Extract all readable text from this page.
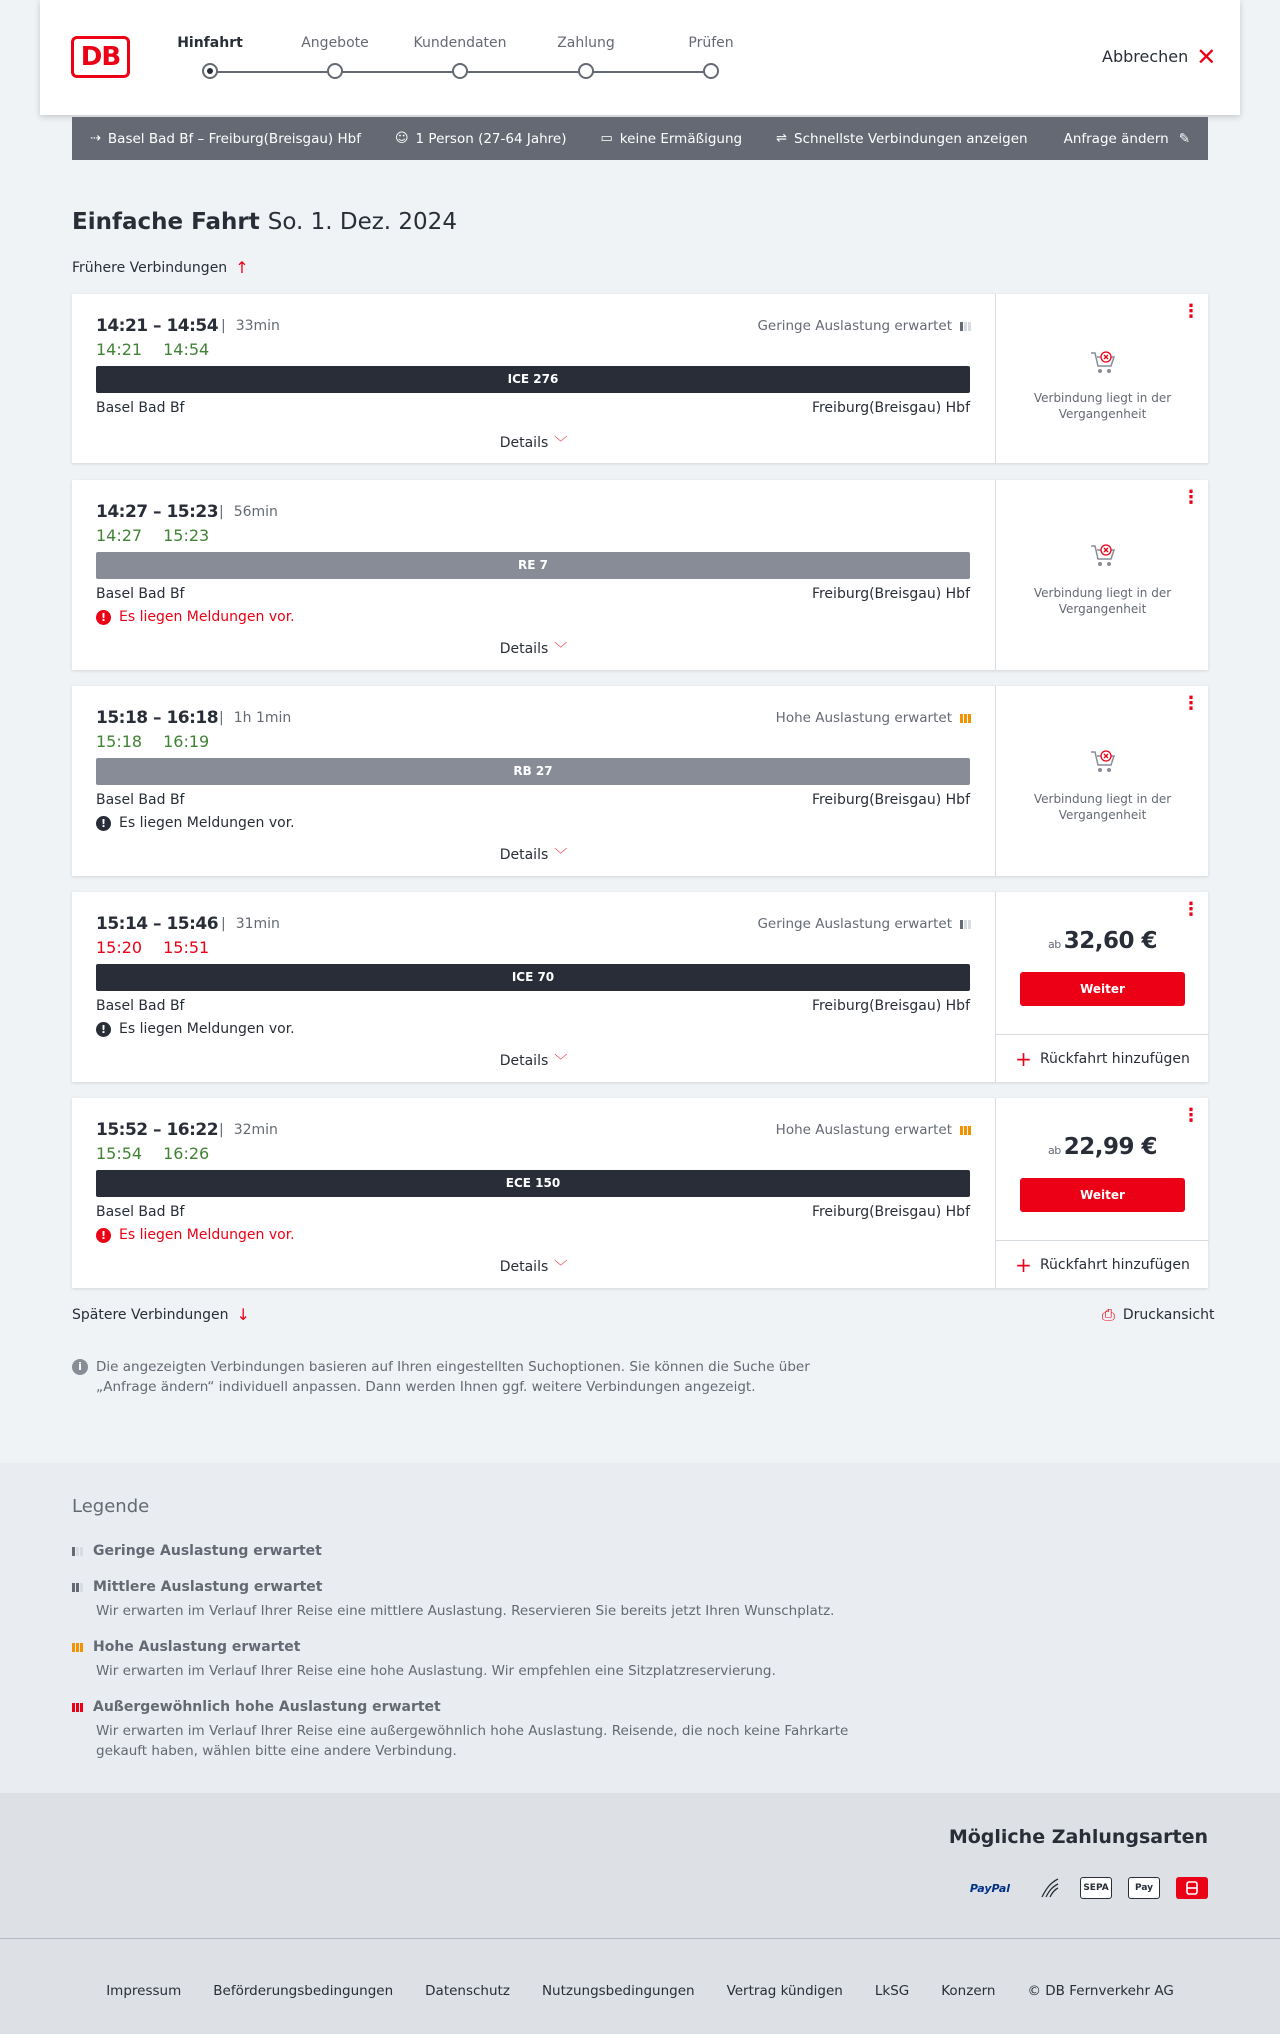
DB	Hinfahrt	Angebote	Kundendaten	Zahlung	Prüfen
Abbrechen ✕
⇢ Basel Bad Bf – Freiburg(Breisgau) Hbf	☺ 1 Person (27-64 Jahre)	▭ keine Ermäßigung	⇌ Schnellste Verbindungen anzeigen	Anfrage ändern ✎
Einfache Fahrt So. 1. Dez. 2024
Frühere Verbindungen ↑
14:21 – 14:54 | 33min
14:21 14:54
Geringe Auslastung erwartet
ICE 276
Basel Bad Bf	Freiburg(Breisgau) Hbf
Details ﹀
⋮
Verbindung liegt in der Vergangenheit
14:27 – 15:23 | 56min
14:27 15:23
RE 7
Basel Bad Bf	Freiburg(Breisgau) Hbf
! Es liegen Meldungen vor.
Details ﹀
⋮
Verbindung liegt in der Vergangenheit
15:18 – 16:18 | 1h 1min
15:18 16:19
Hohe Auslastung erwartet
RB 27
Basel Bad Bf	Freiburg(Breisgau) Hbf
! Es liegen Meldungen vor.
Details ﹀
⋮
Verbindung liegt in der Vergangenheit
15:14 – 15:46 | 31min
15:20 15:51
Geringe Auslastung erwartet
ICE 70
Basel Bad Bf	Freiburg(Breisgau) Hbf
! Es liegen Meldungen vor.
Details ﹀
⋮
ab 32,60 €
Weiter
+ Rückfahrt hinzufügen
15:52 – 16:22 | 32min
15:54 16:26
Hohe Auslastung erwartet
ECE 150
Basel Bad Bf	Freiburg(Breisgau) Hbf
! Es liegen Meldungen vor.
Details ﹀
⋮
ab 22,99 €
Weiter
+ Rückfahrt hinzufügen
Spätere Verbindungen ↓	⎙ Druckansicht
i	Die angezeigten Verbindungen basieren auf Ihren eingestellten Suchoptionen. Sie können die Suche über „Anfrage ändern“ individuell anpassen. Dann werden Ihnen ggf. weitere Verbindungen angezeigt.
Legende
Geringe Auslastung erwartet
Mittlere Auslastung erwartet
Wir erwarten im Verlauf Ihrer Reise eine mittlere Auslastung. Reservieren Sie bereits jetzt Ihren Wunschplatz.
Hohe Auslastung erwartet
Wir erwarten im Verlauf Ihrer Reise eine hohe Auslastung. Wir empfehlen eine Sitzplatzreservierung.
Außergewöhnlich hohe Auslastung erwartet
Wir erwarten im Verlauf Ihrer Reise eine außergewöhnlich hohe Auslastung. Reisende, die noch keine Fahrkarte gekauft haben, wählen bitte eine andere Verbindung.
Mögliche Zahlungsarten
PayPal	SEPA	Pay
Impressum Beförderungsbedingungen Datenschutz Nutzungsbedingungen Vertrag kündigen LkSG Konzern © DB Fernverkehr AG
